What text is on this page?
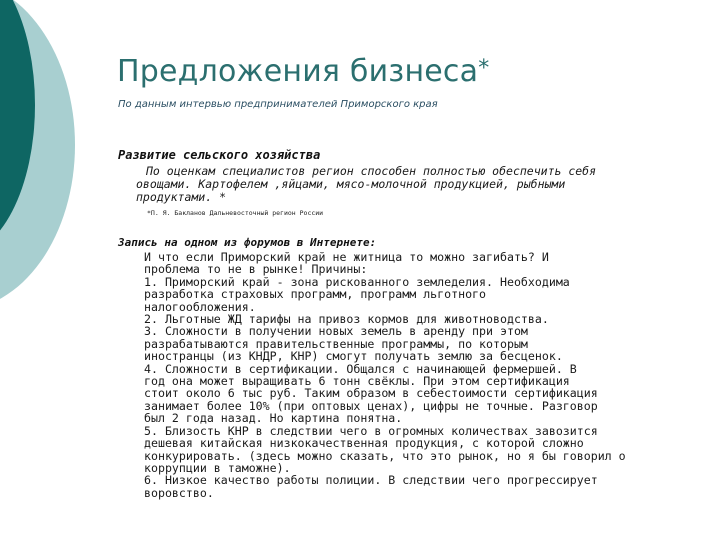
Предложения бизнеса*
По данным интервью предпринимателей Приморского края
Развитие сельского хозяйства
По оценкам специалистов регион способен полностью обеспечить себя
овощами. Картофелем ,яйцами, мясо-молочной продукцией, рыбными
продуктами. *
*П. Я. Бакланов Дальневосточный регион России
Запись на одном из форумов в Интернете:
И что если Приморский край не житница то можно загибать? И
проблема то не в рынке! Причины:
1. Приморский край - зона рискованного земледелия. Необходима
разработка страховых программ, программ льготного
налогообложения.
2. Льготные ЖД тарифы на привоз кормов для животноводства.
3. Сложности в получении новых земель в аренду при этом
разрабатываются правительственные программы, по которым
иностранцы (из КНДР, КНР) смогут получать землю за бесценок.
4. Сложности в сертификации. Общался с начинающей фермершей. В
год она может выращивать 6 тонн свёклы. При этом сертификация
стоит около 6 тыс руб. Таким образом в себестоимости сертификация
занимает более 10% (при оптовых ценах), цифры не точные. Разговор
был 2 года назад. Но картина понятна.
5. Близость КНР в следствии чего в огромных количествах завозится
дешевая китайская низкокачественная продукция, с которой сложно
конкурировать. (здесь можно сказать, что это рынок, но я бы говорил о
коррупции в таможне).
6. Низкое качество работы полиции. В следствии чего прогрессирует
воровство.
